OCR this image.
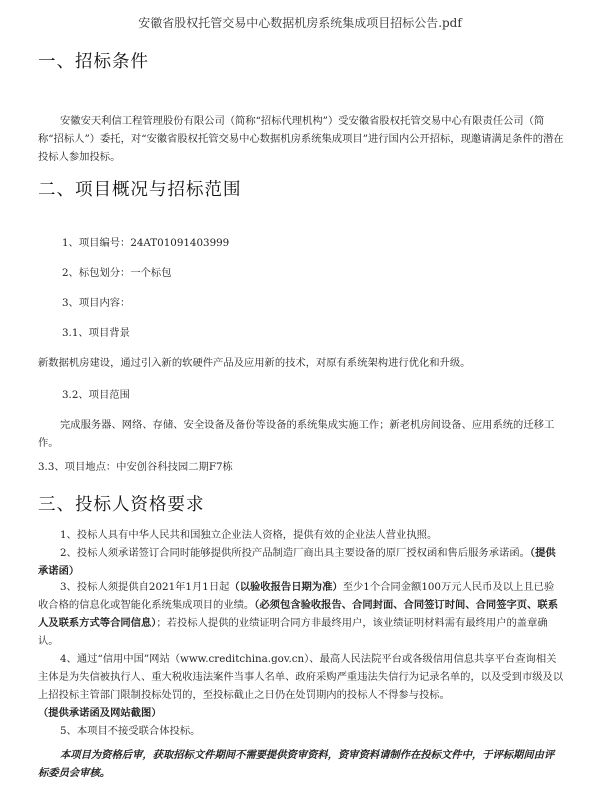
安徽省股权托管交易中心数据机房系统集成项目招标公告.pdf
一、招标条件

安徽安天利信工程管理股份有限公司（简称“招标代理机构”）受安徽省股权托管交易中心有限责任公司（简称“招标人”）委托，对“安徽省股权托管交易中心数据机房系统集成项目”进行国内公开招标，现邀请满足条件的潜在投标人参加投标。

二、项目概况与招标范围

1、项目编号：24AT01091403999

2、标包划分：一个标包

3、项目内容：

3.1、项目背景

新数据机房建设，通过引入新的软硬件产品及应用新的技术，对原有系统架构进行优化和升级。

3.2、项目范围

完成服务器、网络、存储、安全设备及备份等设备的系统集成实施工作；新老机房间设备、应用系统的迁移工作。

3.3、项目地点：中安创谷科技园二期F7栋

三、投标人资格要求

1、投标人具有中华人民共和国独立企业法人资格，提供有效的企业法人营业执照。

2、投标人须承诺签订合同时能够提供所投产品制造厂商出具主要设备的原厂授权函和售后服务承诺函。（提供承诺函）

3、投标人须提供自2021年1月1日起（以验收报告日期为准）至少1个合同金额100万元人民币及以上且已验收合格的信息化或智能化系统集成项目的业绩。（必须包含验收报告、合同封面、合同签订时间、合同签字页、联系人及联系方式等合同信息）；若投标人提供的业绩证明合同方非最终用户，该业绩证明材料需有最终用户的盖章确认。

4、通过“信用中国”网站（www.creditchina.gov.cn）、最高人民法院平台或各级信用信息共享平台查询相关主体是为失信被执行人、重大税收违法案件当事人名单、政府采购严重违法失信行为记录名单的，以及受到市级及以上招投标主管部门限制投标处罚的，至投标截止之日仍在处罚期内的投标人不得参与投标。（提供承诺函及网站截图）

5、本项目不接受联合体投标。

本项目为资格后审，获取招标文件期间不需要提供资审资料，资审资料请制作在投标文件中，于评标期间由评标委员会审核。
